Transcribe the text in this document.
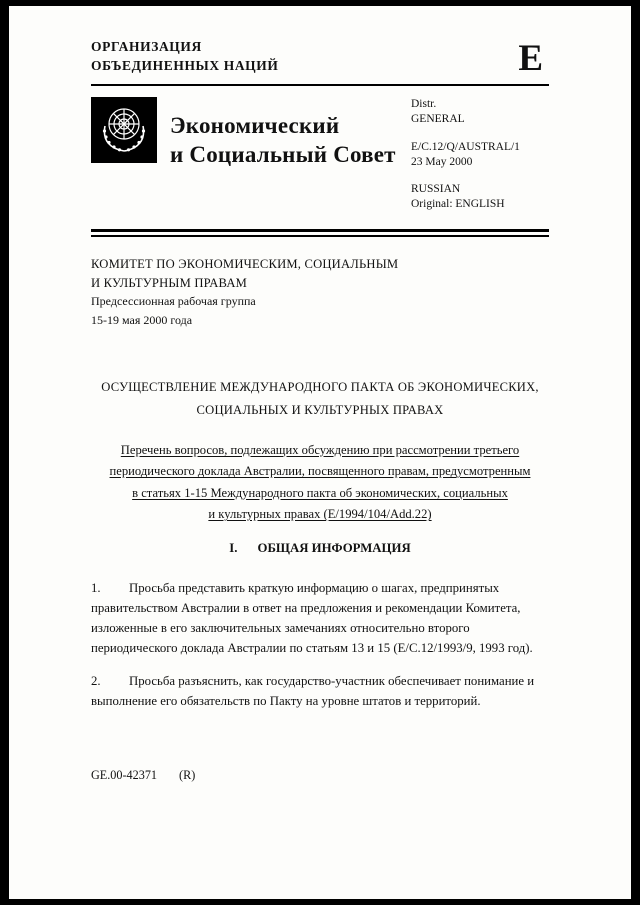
ОРГАНИЗАЦИЯ
ОБЪЕДИНЕННЫХ НАЦИЙ	E
Экономический
и Социальный Совет
Distr.
GENERAL
E/C.12/Q/AUSTRAL/1
23 May 2000
RUSSIAN
Original: ENGLISH
КОМИТЕТ ПО ЭКОНОМИЧЕСКИМ, СОЦИАЛЬНЫМ
И КУЛЬТУРНЫМ ПРАВАМ
Предсессионная рабочая группа
15-19 мая 2000 года
ОСУЩЕСТВЛЕНИЕ МЕЖДУНАРОДНОГО ПАКТА ОБ ЭКОНОМИЧЕСКИХ,
СОЦИАЛЬНЫХ И КУЛЬТУРНЫХ ПРАВАХ
Перечень вопросов, подлежащих обсуждению при рассмотрении третьего
периодического доклада Австралии, посвященного правам, предусмотренным
в статьях 1-15 Международного пакта об экономических, социальных
и культурных правах (E/1994/104/Add.22)
I. ОБЩАЯ ИНФОРМАЦИЯ

1. Просьба представить краткую информацию о шагах, предпринятых правительством Австралии в ответ на предложения и рекомендации Комитета, изложенные в его заключительных замечаниях относительно второго периодического доклада Австралии по статьям 13 и 15 (E/C.12/1993/9, 1993 год).

2. Просьба разъяснить, как государство-участник обеспечивает понимание и выполнение его обязательств по Пакту на уровне штатов и территорий.

GE.00-42371 (R)
